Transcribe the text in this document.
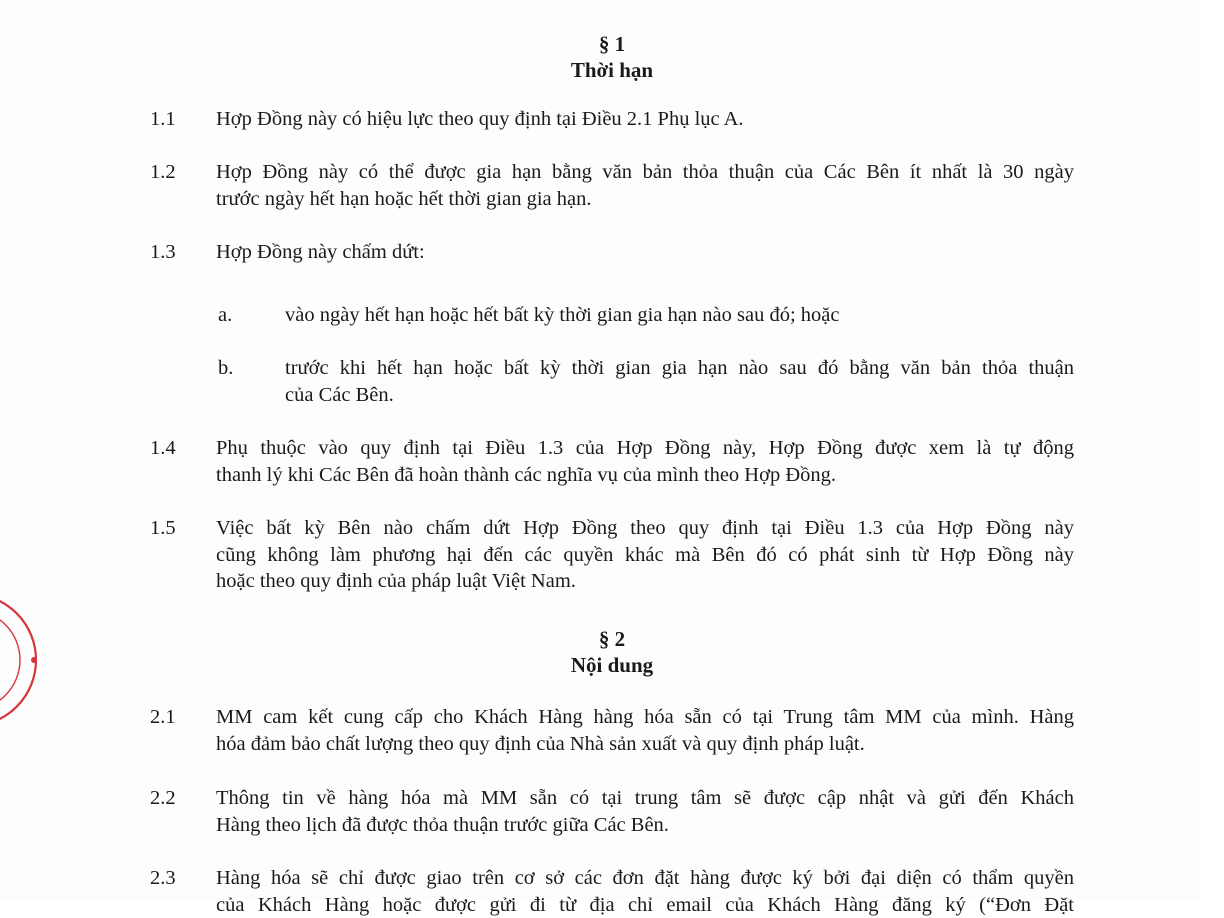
§ 1
Thời hạn
1.1 Hợp Đồng này có hiệu lực theo quy định tại Điều 2.1 Phụ lục A.
1.2 Hợp Đồng này có thể được gia hạn bằng văn bản thỏa thuận của Các Bên ít nhất là 30 ngày
trước ngày hết hạn hoặc hết thời gian gia hạn.
1.3 Hợp Đồng này chấm dứt:
a.	vào ngày hết hạn hoặc hết bất kỳ thời gian gia hạn nào sau đó; hoặc
b.	trước khi hết hạn hoặc bất kỳ thời gian gia hạn nào sau đó bằng văn bản thỏa thuận
của Các Bên.
1.4 Phụ thuộc vào quy định tại Điều 1.3 của Hợp Đồng này, Hợp Đồng được xem là tự động
thanh lý khi Các Bên đã hoàn thành các nghĩa vụ của mình theo Hợp Đồng.
1.5 Việc bất kỳ Bên nào chấm dứt Hợp Đồng theo quy định tại Điều 1.3 của Hợp Đồng này
cũng không làm phương hại đến các quyền khác mà Bên đó có phát sinh từ Hợp Đồng này
hoặc theo quy định của pháp luật Việt Nam.
§ 2
Nội dung
2.1 MM cam kết cung cấp cho Khách Hàng hàng hóa sẵn có tại Trung tâm MM của mình. Hàng
hóa đảm bảo chất lượng theo quy định của Nhà sản xuất và quy định pháp luật.
2.2 Thông tin về hàng hóa mà MM sẵn có tại trung tâm sẽ được cập nhật và gửi đến Khách
Hàng theo lịch đã được thỏa thuận trước giữa Các Bên.
2.3 Hàng hóa sẽ chỉ được giao trên cơ sở các đơn đặt hàng được ký bởi đại diện có thẩm quyền
của Khách Hàng hoặc được gửi đi từ địa chỉ email của Khách Hàng đăng ký (“Đơn Đặt
